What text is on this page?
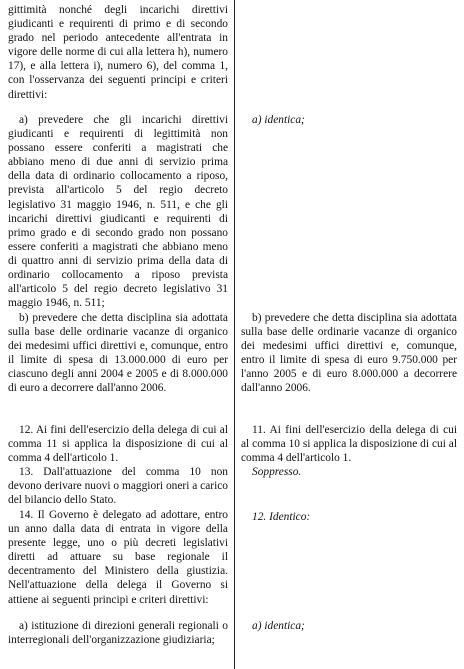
gittimità nonché degli incarichi direttivi giudicanti e requirenti di primo e di secondo grado nel periodo antecedente all'entrata in vigore delle norme di cui alla lettera h), numero 17), e alla lettera i), numero 6), del comma 1, con l'osservanza dei seguenti principi e criteri direttivi:

a) prevedere che gli incarichi direttivi giudicanti e requirenti di legittimità non possano essere conferiti a magistrati che abbiano meno di due anni di servizio prima della data di ordinario collocamento a riposo, prevista all'articolo 5 del regio decreto legislativo 31 maggio 1946, n. 511, e che gli incarichi direttivi giudicanti e requirenti di primo grado e di secondo grado non possano essere conferiti a magistrati che abbiano meno di quattro anni di servizio prima della data di ordinario collocamento a riposo prevista all'articolo 5 del regio decreto legislativo 31 maggio 1946, n. 511;

b) prevedere che detta disciplina sia adottata sulla base delle ordinarie vacanze di organico dei medesimi uffici direttivi e, comunque, entro il limite di spesa di 13.000.000 di euro per ciascuno degli anni 2004 e 2005 e di 8.000.000 di euro a decorrere dall'anno 2006.

12. Ai fini dell'esercizio della delega di cui al comma 11 si applica la disposizione di cui al comma 4 dell'articolo 1.

13. Dall'attuazione del comma 10 non devono derivare nuovi o maggiori oneri a carico del bilancio dello Stato.

14. Il Governo è delegato ad adottare, entro un anno dalla data di entrata in vigore della presente legge, uno o più decreti legislativi diretti ad attuare su base regionale il decentramento del Ministero della giustizia. Nell'attuazione della delega il Governo si attiene ai seguenti principi e criteri direttivi:

a) istituzione di direzioni generali regionali o interregionali dell'organizzazione giudiziaria;

a) identica;

b) prevedere che detta disciplina sia adottata sulla base delle ordinarie vacanze di organico dei medesimi uffici direttivi e, comunque, entro il limite di spesa di euro 9.750.000 per l'anno 2005 e di euro 8.000.000 a decorrere dall'anno 2006.

11. Ai fini dell'esercizio della delega di cui al comma 10 si applica la disposizione di cui al comma 4 dell'articolo 1.

Soppresso.

12. Identico:

a) identica;
